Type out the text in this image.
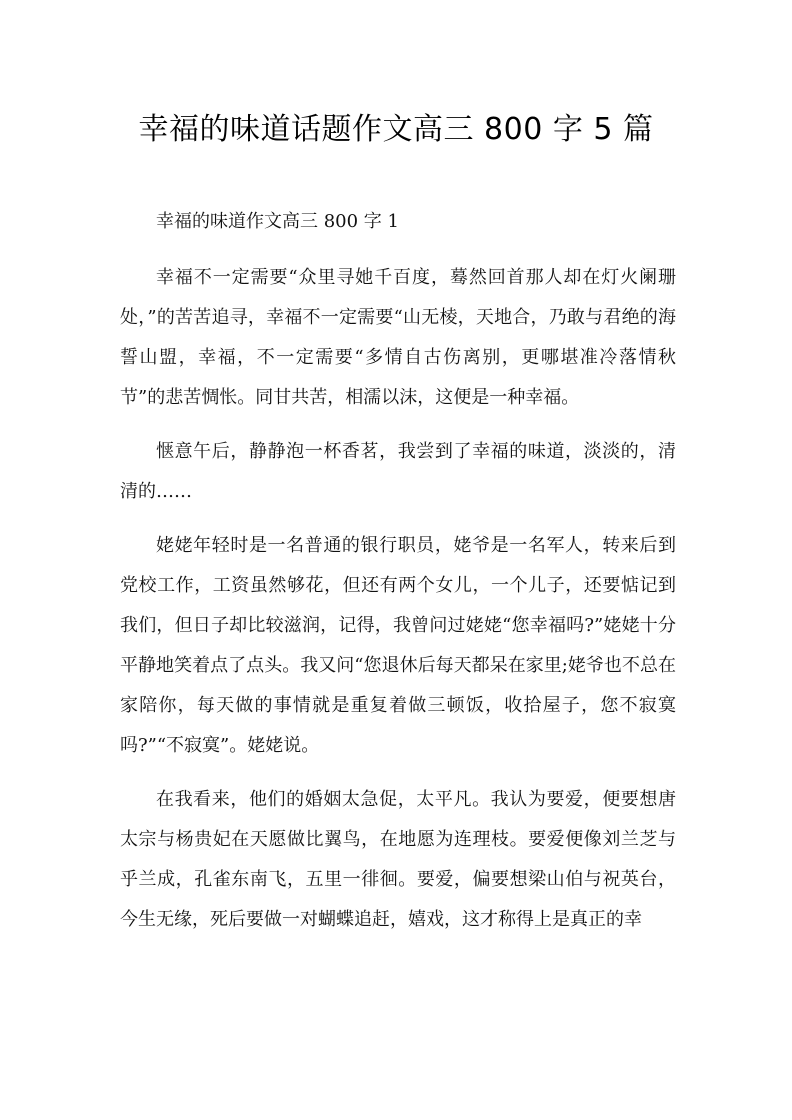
幸福的味道话题作文高三 800 字 5 篇

幸福的味道作文高三 800 字 1

幸福不一定需要“众里寻她千百度，蓦然回首那人却在灯火阑珊处，”的苦苦追寻，幸福不一定需要“山无棱，天地合，乃敢与君绝的海誓山盟，幸福，不一定需要“多情自古伤离别，更哪堪准冷落情秋节”的悲苦惆怅。同甘共苦，相濡以沫，这便是一种幸福。

惬意午后，静静泡一杯香茗，我尝到了幸福的味道，淡淡的，清清的……

姥姥年轻时是一名普通的银行职员，姥爷是一名军人，转来后到党校工作，工资虽然够花，但还有两个女儿，一个儿子，还要惦记到我们，但日子却比较滋润，记得，我曾问过姥姥“您幸福吗?”姥姥十分平静地笑着点了点头。我又问“您退休后每天都呆在家里;姥爷也不总在家陪你，每天做的事情就是重复着做三顿饭，收拾屋子，您不寂寞吗?”“不寂寞”。姥姥说。

在我看来，他们的婚姻太急促，太平凡。我认为要爱，便要想唐太宗与杨贵妃在天愿做比翼鸟，在地愿为连理枝。要爱便像刘兰芝与乎兰成，孔雀东南飞，五里一徘徊。要爱，偏要想梁山伯与祝英台，今生无缘，死后要做一对蝴蝶追赶，嬉戏，这才称得上是真正的幸
